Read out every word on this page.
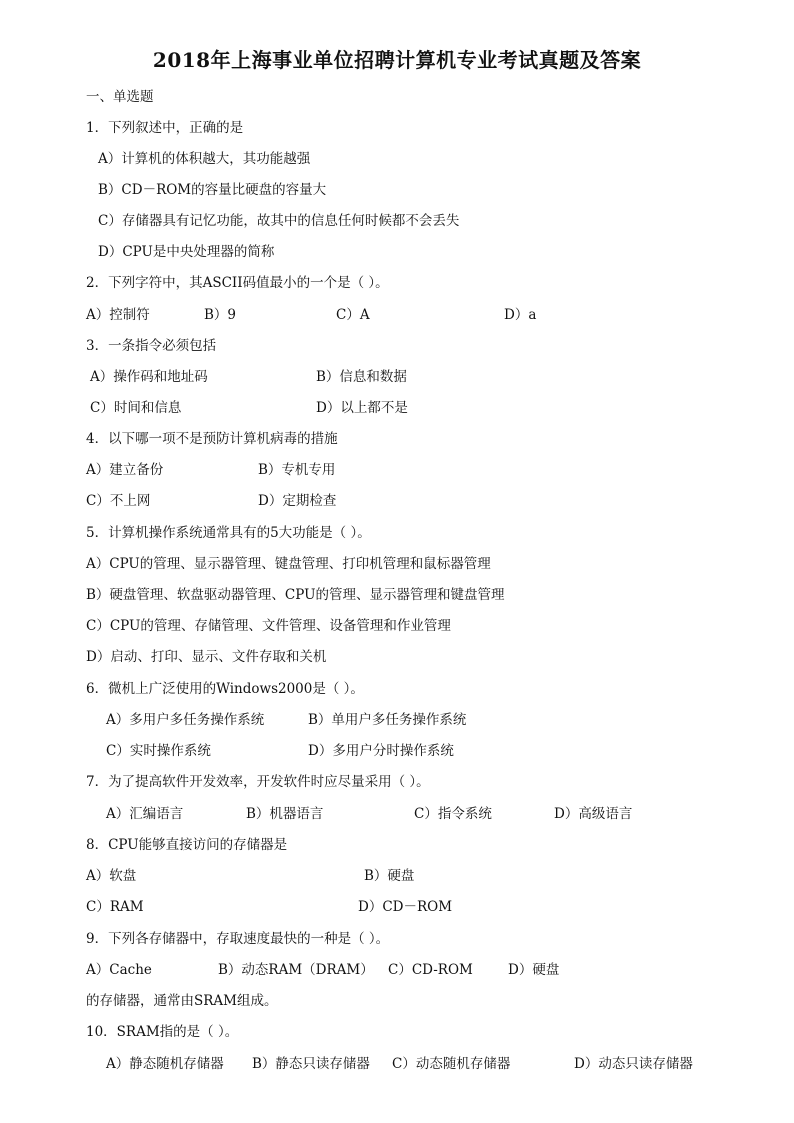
2018年上海事业单位招聘计算机专业考试真题及答案
一、单选题
1．下列叙述中，正确的是
A）计算机的体积越大，其功能越强
B）CD－ROM的容量比硬盘的容量大
C）存储器具有记忆功能，故其中的信息任何时候都不会丢失
D）CPU是中央处理器的简称
2．下列字符中，其ASCII码值最小的一个是（ ）。
A）控制符	B）9	C）A	D）a
3．一条指令必须包括
A）操作码和地址码	B）信息和数据
C）时间和信息	D）以上都不是
4．以下哪一项不是预防计算机病毒的措施
A）建立备份	B）专机专用
C）不上网	D）定期检查
5．计算机操作系统通常具有的5大功能是（ ）。
A）CPU的管理、显示器管理、键盘管理、打印机管理和鼠标器管理
B）硬盘管理、软盘驱动器管理、CPU的管理、显示器管理和键盘管理
C）CPU的管理、存储管理、文件管理、设备管理和作业管理
D）启动、打印、显示、文件存取和关机
6．微机上广泛使用的Windows2000是（ ）。
A）多用户多任务操作系统	B）单用户多任务操作系统
C）实时操作系统	D）多用户分时操作系统
7．为了提高软件开发效率，开发软件时应尽量采用（ ）。
A）汇编语言	B）机器语言	C）指令系统	D）高级语言
8．CPU能够直接访问的存储器是
A）软盘	B）硬盘
C）RAM	D）CD－ROM
9．下列各存储器中，存取速度最快的一种是（ ）。
A）Cache	B）动态RAM（DRAM） C）CD-ROM	D）硬盘
的存储器，通常由SRAM组成。
10．SRAM指的是（ ）。
A）静态随机存储器 B）静态只读存储器 C）动态随机存储器	D）动态只读存储器
